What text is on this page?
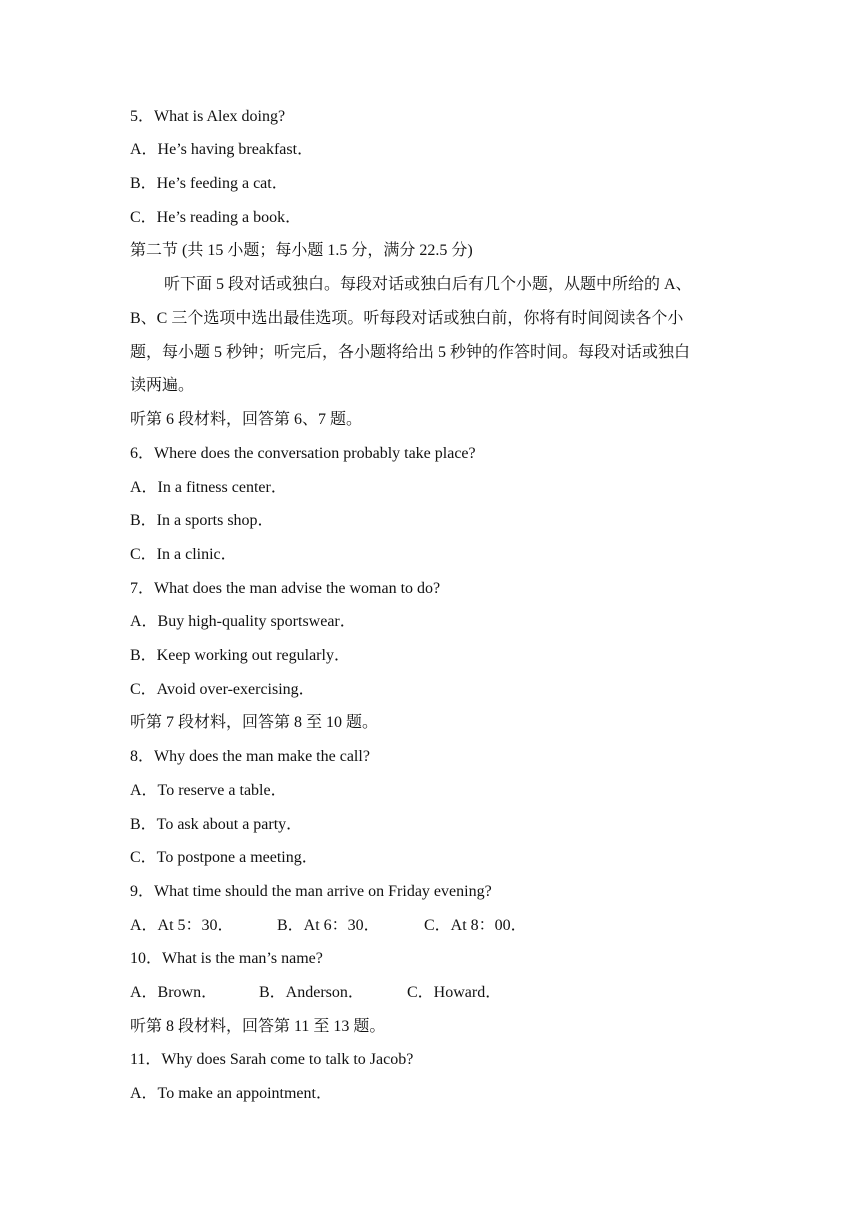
5．What is Alex doing?
A．He’s having breakfast．
B．He’s feeding a cat．
C．He’s reading a book．
第二节 (共 15 小题；每小题 1.5 分，满分 22.5 分)
听下面 5 段对话或独白。每段对话或独白后有几个小题，从题中所给的 A、
B、C 三个选项中选出最佳选项。听每段对话或独白前，你将有时间阅读各个小
题，每小题 5 秒钟；听完后，各小题将给出 5 秒钟的作答时间。每段对话或独白
读两遍。
听第 6 段材料，回答第 6、7 题。
6．Where does the conversation probably take place?
A．In a fitness center．
B．In a sports shop．
C．In a clinic．
7．What does the man advise the woman to do?
A．Buy high-quality sportswear．
B．Keep working out regularly．
C．Avoid over-exercising．
听第 7 段材料，回答第 8 至 10 题。
8．Why does the man make the call?
A．To reserve a table．
B．To ask about a party．
C．To postpone a meeting．
9．What time should the man arrive on Friday evening?
A．At 5：30．	B．At 6：30．	C．At 8：00．
10．What is the man’s name?
A．Brown．	B．Anderson．	C．Howard．
听第 8 段材料，回答第 11 至 13 题。
11．Why does Sarah come to talk to Jacob?
A．To make an appointment．
